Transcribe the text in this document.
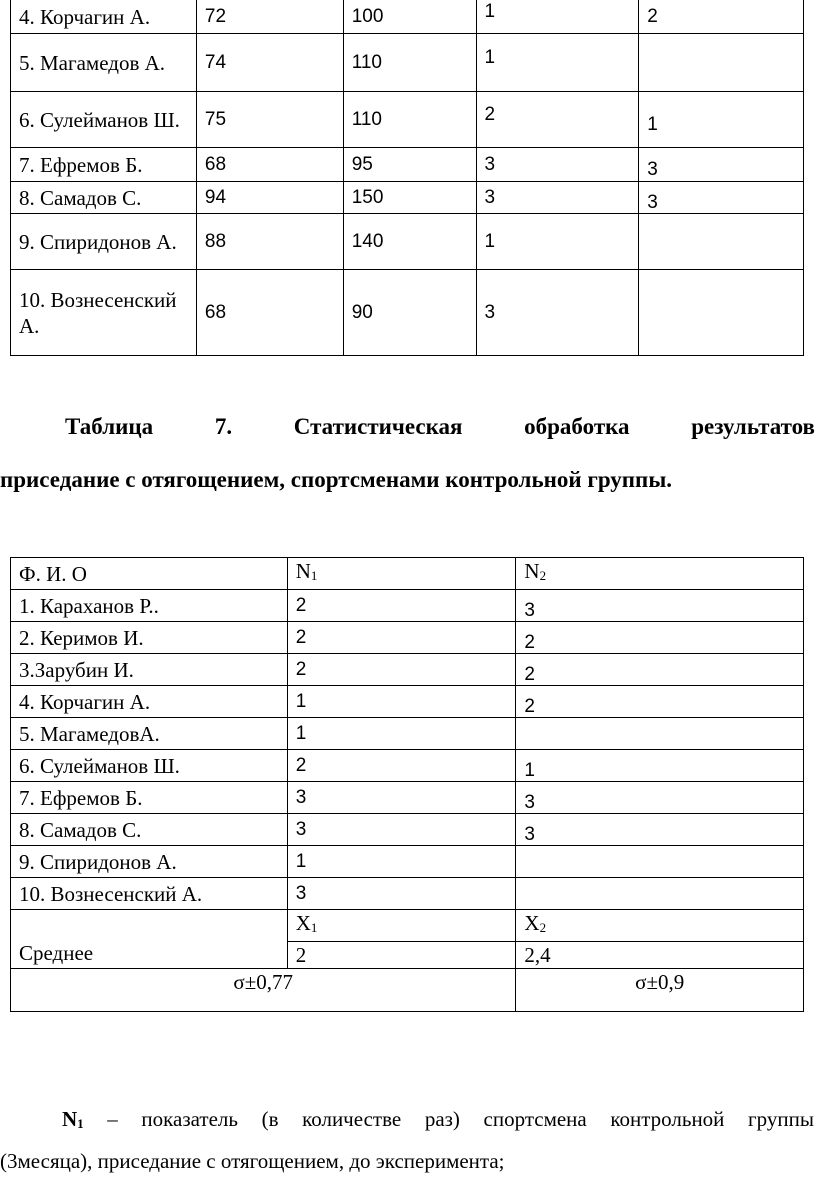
4. Корчагин А.	72	100	1	2
5. Магамедов А.	74	110	1	
6. Сулейманов Ш.	75	110	2	1
7. Ефремов Б.	68	95	3	3
8. Самадов С.	94	150	3	3
9. Спиридонов А.	88	140	1	
10. Вознесенский А.	68	90	3	
Таблица	7.	Статистическая	обработка	результатов
приседание с отягощением, спортсменами контрольной группы.
Ф. И. О	$N_1$	$N_2$
1. Караханов Р..	2	3
2. Керимов И.	2	2
3.Зарубин И.	2	2
4. Корчагин А.	1	2
5. МагамедовА.	1	
6. Сулейманов Ш.	2	1
7. Ефремов Б.	3	3
8. Самадов С.	3	3
9. Спиридонов А.	1	
10. Вознесенский А.	3	
Среднее	$X_1$	$X_2$
	2	2,4
σ±0,77		σ±0,9
$N_1$ – показатель (в количестве раз) спортсмена контрольной группы
(3месяца), приседание с отягощением, до эксперимента;
